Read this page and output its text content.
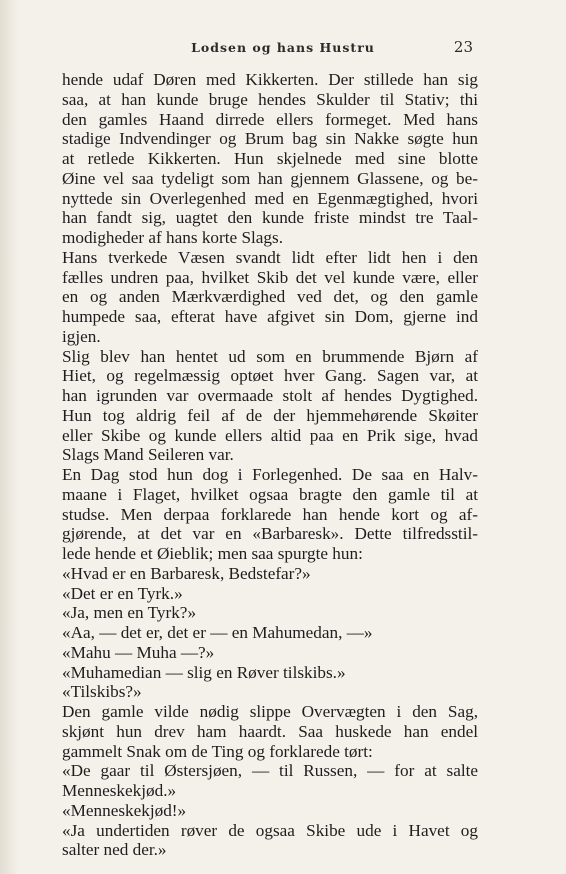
Lodsen og hans Hustru	23
hende udaf Døren med Kikkerten. Der stillede han sig
saa, at han kunde bruge hendes Skulder til Stativ; thi
den gamles Haand dirrede ellers formeget. Med hans
stadige Indvendinger og Brum bag sin Nakke søgte hun
at retlede Kikkerten. Hun skjelnede med sine blotte
Øine vel saa tydeligt som han gjennem Glassene, og be-
nyttede sin Overlegenhed med en Egenmægtighed, hvori
han fandt sig, uagtet den kunde friste mindst tre Taal-
modigheder af hans korte Slags.
Hans tverkede Væsen svandt lidt efter lidt hen i den
fælles undren paa, hvilket Skib det vel kunde være, eller
en og anden Mærkværdighed ved det, og den gamle
humpede saa, efterat have afgivet sin Dom, gjerne ind
igjen.
Slig blev han hentet ud som en brummende Bjørn af
Hiet, og regelmæssig optøet hver Gang. Sagen var, at
han igrunden var overmaade stolt af hendes Dygtighed.
Hun tog aldrig feil af de der hjemmehørende Skøiter
eller Skibe og kunde ellers altid paa en Prik sige, hvad
Slags Mand Seileren var.
En Dag stod hun dog i Forlegenhed. De saa en Halv-
maane i Flaget, hvilket ogsaa bragte den gamle til at
studse. Men derpaa forklarede han hende kort og af-
gjørende, at det var en «Barbaresk». Dette tilfredsstil-
lede hende et Øieblik; men saa spurgte hun:
«Hvad er en Barbaresk, Bedstefar?»
«Det er en Tyrk.»
«Ja, men en Tyrk?»
«Aa, — det er, det er — en Mahumedan, —»
«Mahu — Muha —?»
«Muhamedian — slig en Røver tilskibs.»
«Tilskibs?»
Den gamle vilde nødig slippe Overvægten i den Sag,
skjønt hun drev ham haardt. Saa huskede han endel
gammelt Snak om de Ting og forklarede tørt:
«De gaar til Østersjøen, — til Russen, — for at salte
Menneskekjød.»
«Menneskekjød!»
«Ja undertiden røver de ogsaa Skibe ude i Havet og
salter ned der.»
